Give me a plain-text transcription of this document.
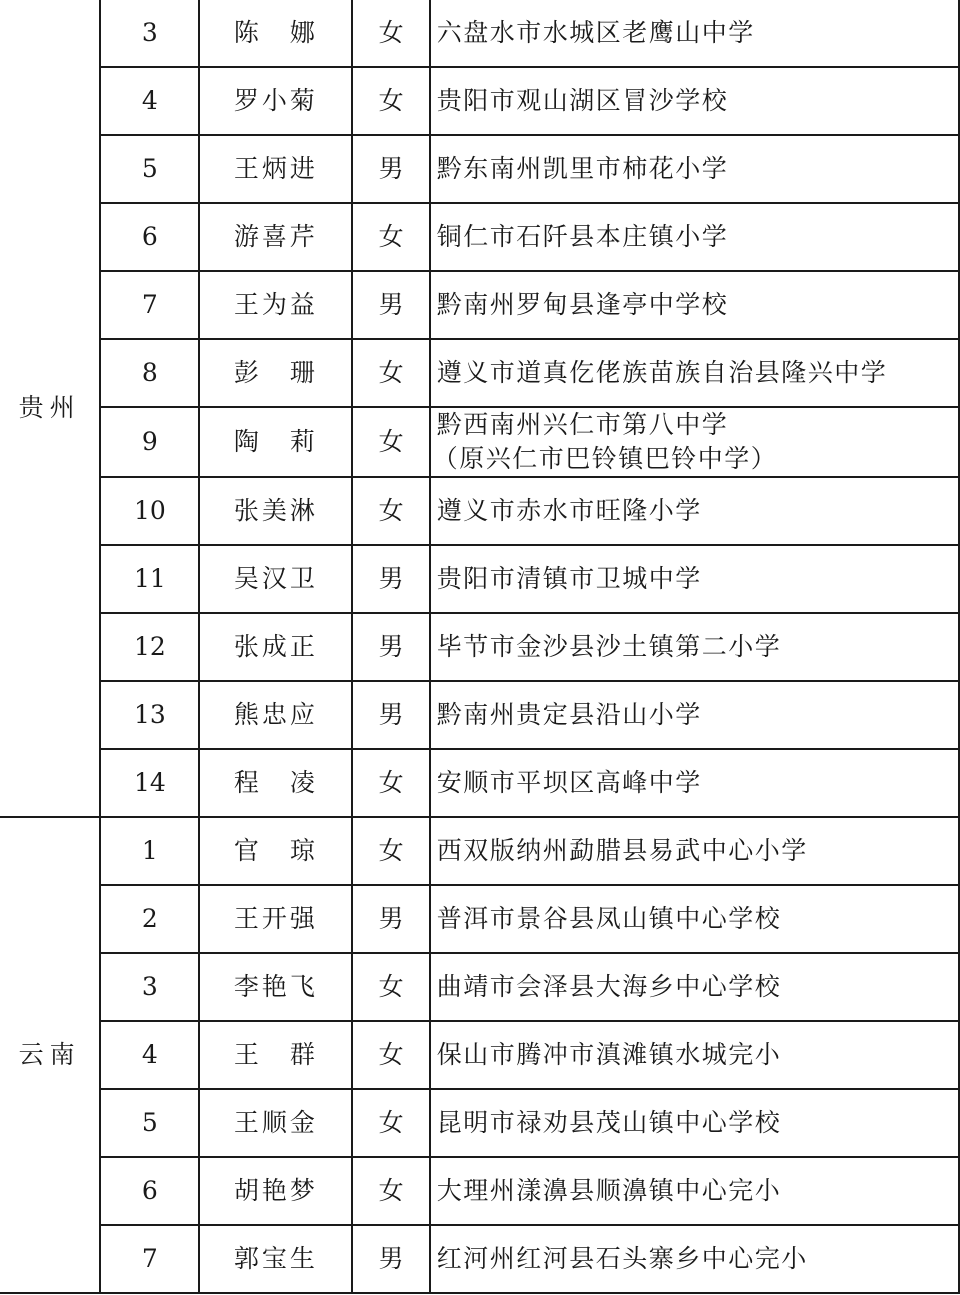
贵州	3	陈　娜	女	六盘水市水城区老鹰山中学
	4	罗小菊	女	贵阳市观山湖区冒沙学校
	5	王炳进	男	黔东南州凯里市柿花小学
	6	游喜芹	女	铜仁市石阡县本庄镇小学
	7	王为益	男	黔南州罗甸县逢亭中学校
	8	彭　珊	女	遵义市道真仡佬族苗族自治县隆兴中学
	9	陶　莉	女	黔西南州兴仁市第八中学
（原兴仁市巴铃镇巴铃中学）

	10	张美淋	女	遵义市赤水市旺隆小学
	11	吴汉卫	男	贵阳市清镇市卫城中学
	12	张成正	男	毕节市金沙县沙土镇第二小学
	13	熊忠应	男	黔南州贵定县沿山小学
	14	程　凌	女	安顺市平坝区高峰中学
云南	1	官　琼	女	西双版纳州勐腊县易武中心小学
	2	王开强	男	普洱市景谷县凤山镇中心学校
	3	李艳飞	女	曲靖市会泽县大海乡中心学校
	4	王　群	女	保山市腾冲市滇滩镇水城完小
	5	王顺金	女	昆明市禄劝县茂山镇中心学校
	6	胡艳梦	女	大理州漾濞县顺濞镇中心完小
	7	郭宝生	男	红河州红河县石头寨乡中心完小
